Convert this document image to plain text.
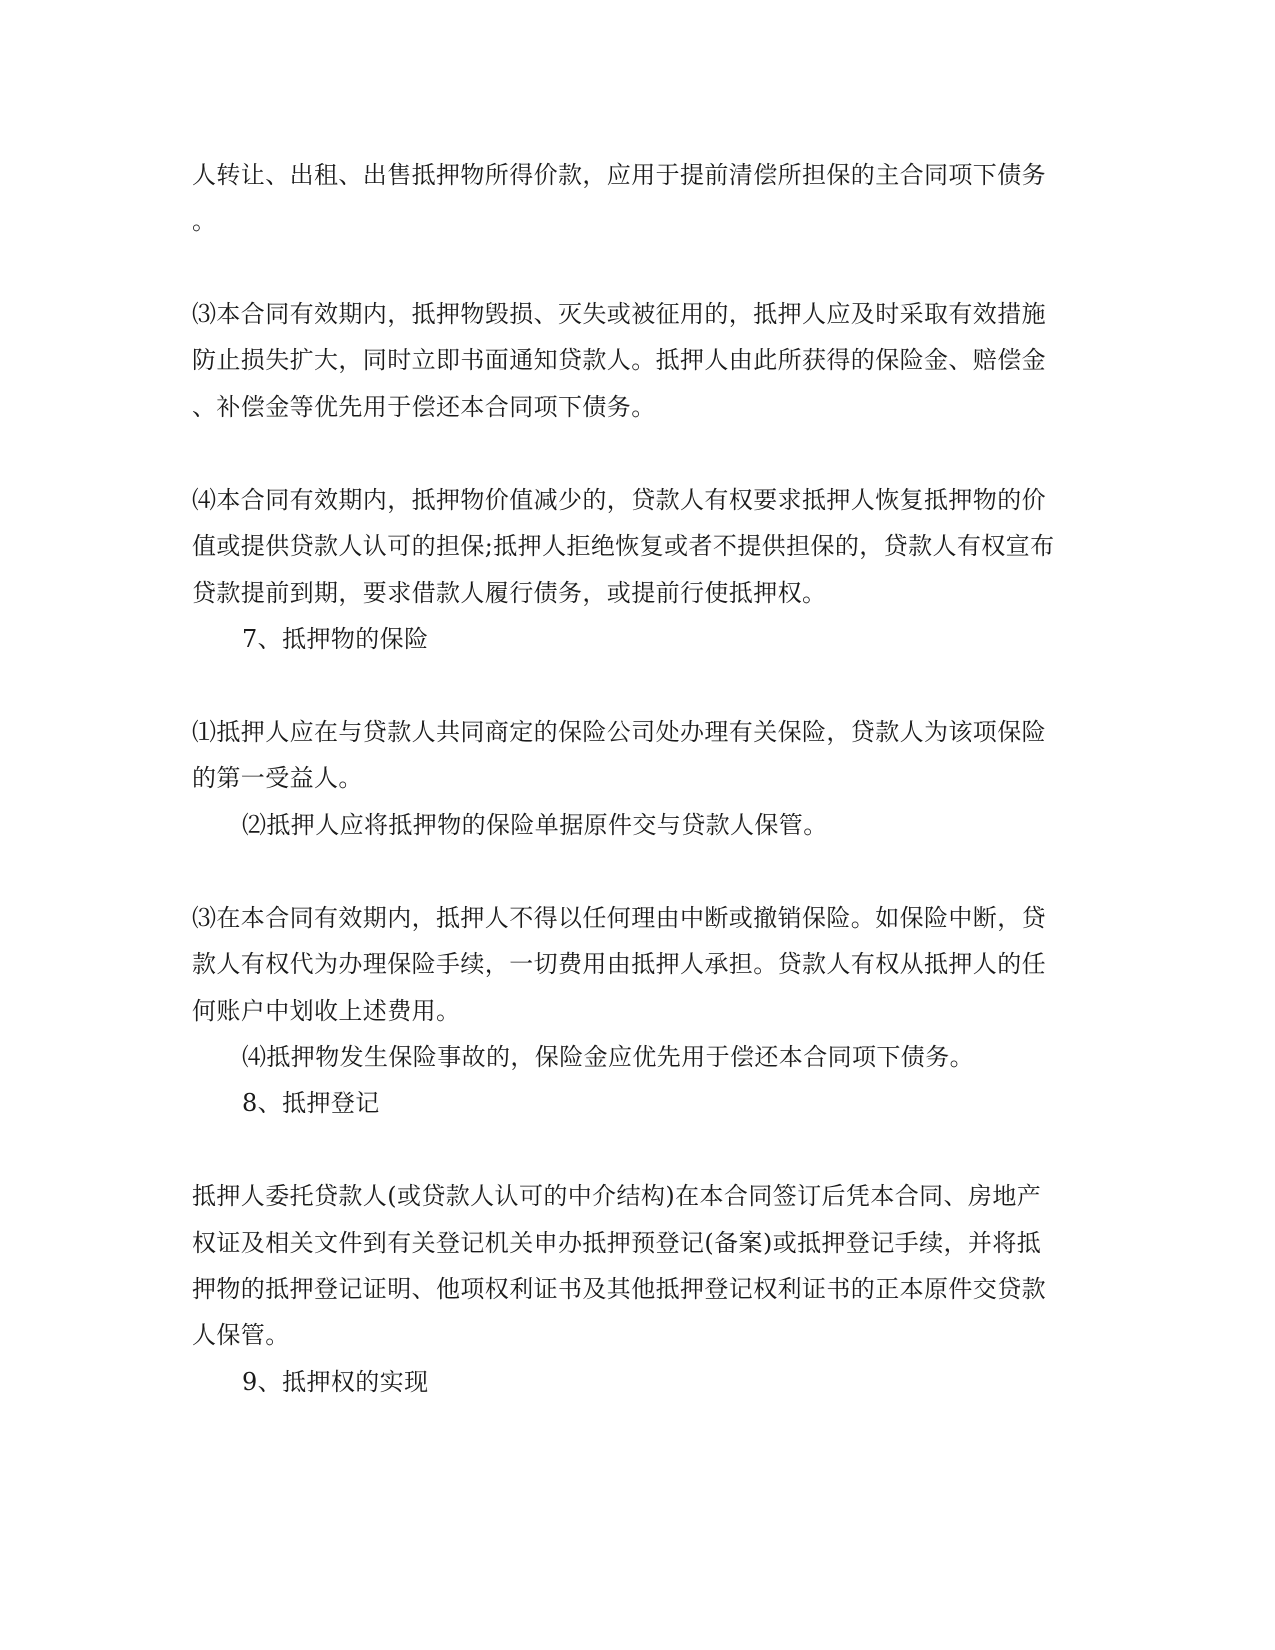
人转让、出租、出售抵押物所得价款，应用于提前清偿所担保的主合同项下债务
。
⑶本合同有效期内，抵押物毁损、灭失或被征用的，抵押人应及时采取有效措施
防止损失扩大，同时立即书面通知贷款人。抵押人由此所获得的保险金、赔偿金
、补偿金等优先用于偿还本合同项下债务。
⑷本合同有效期内，抵押物价值减少的，贷款人有权要求抵押人恢复抵押物的价
值或提供贷款人认可的担保;抵押人拒绝恢复或者不提供担保的，贷款人有权宣布
贷款提前到期，要求借款人履行债务，或提前行使抵押权。
7、抵押物的保险
⑴抵押人应在与贷款人共同商定的保险公司处办理有关保险，贷款人为该项保险
的第一受益人。
⑵抵押人应将抵押物的保险单据原件交与贷款人保管。
⑶在本合同有效期内，抵押人不得以任何理由中断或撤销保险。如保险中断，贷
款人有权代为办理保险手续，一切费用由抵押人承担。贷款人有权从抵押人的任
何账户中划收上述费用。
⑷抵押物发生保险事故的，保险金应优先用于偿还本合同项下债务。
8、抵押登记
抵押人委托贷款人(或贷款人认可的中介结构)在本合同签订后凭本合同、房地产
权证及相关文件到有关登记机关申办抵押预登记(备案)或抵押登记手续，并将抵
押物的抵押登记证明、他项权利证书及其他抵押登记权利证书的正本原件交贷款
人保管。
9、抵押权的实现
